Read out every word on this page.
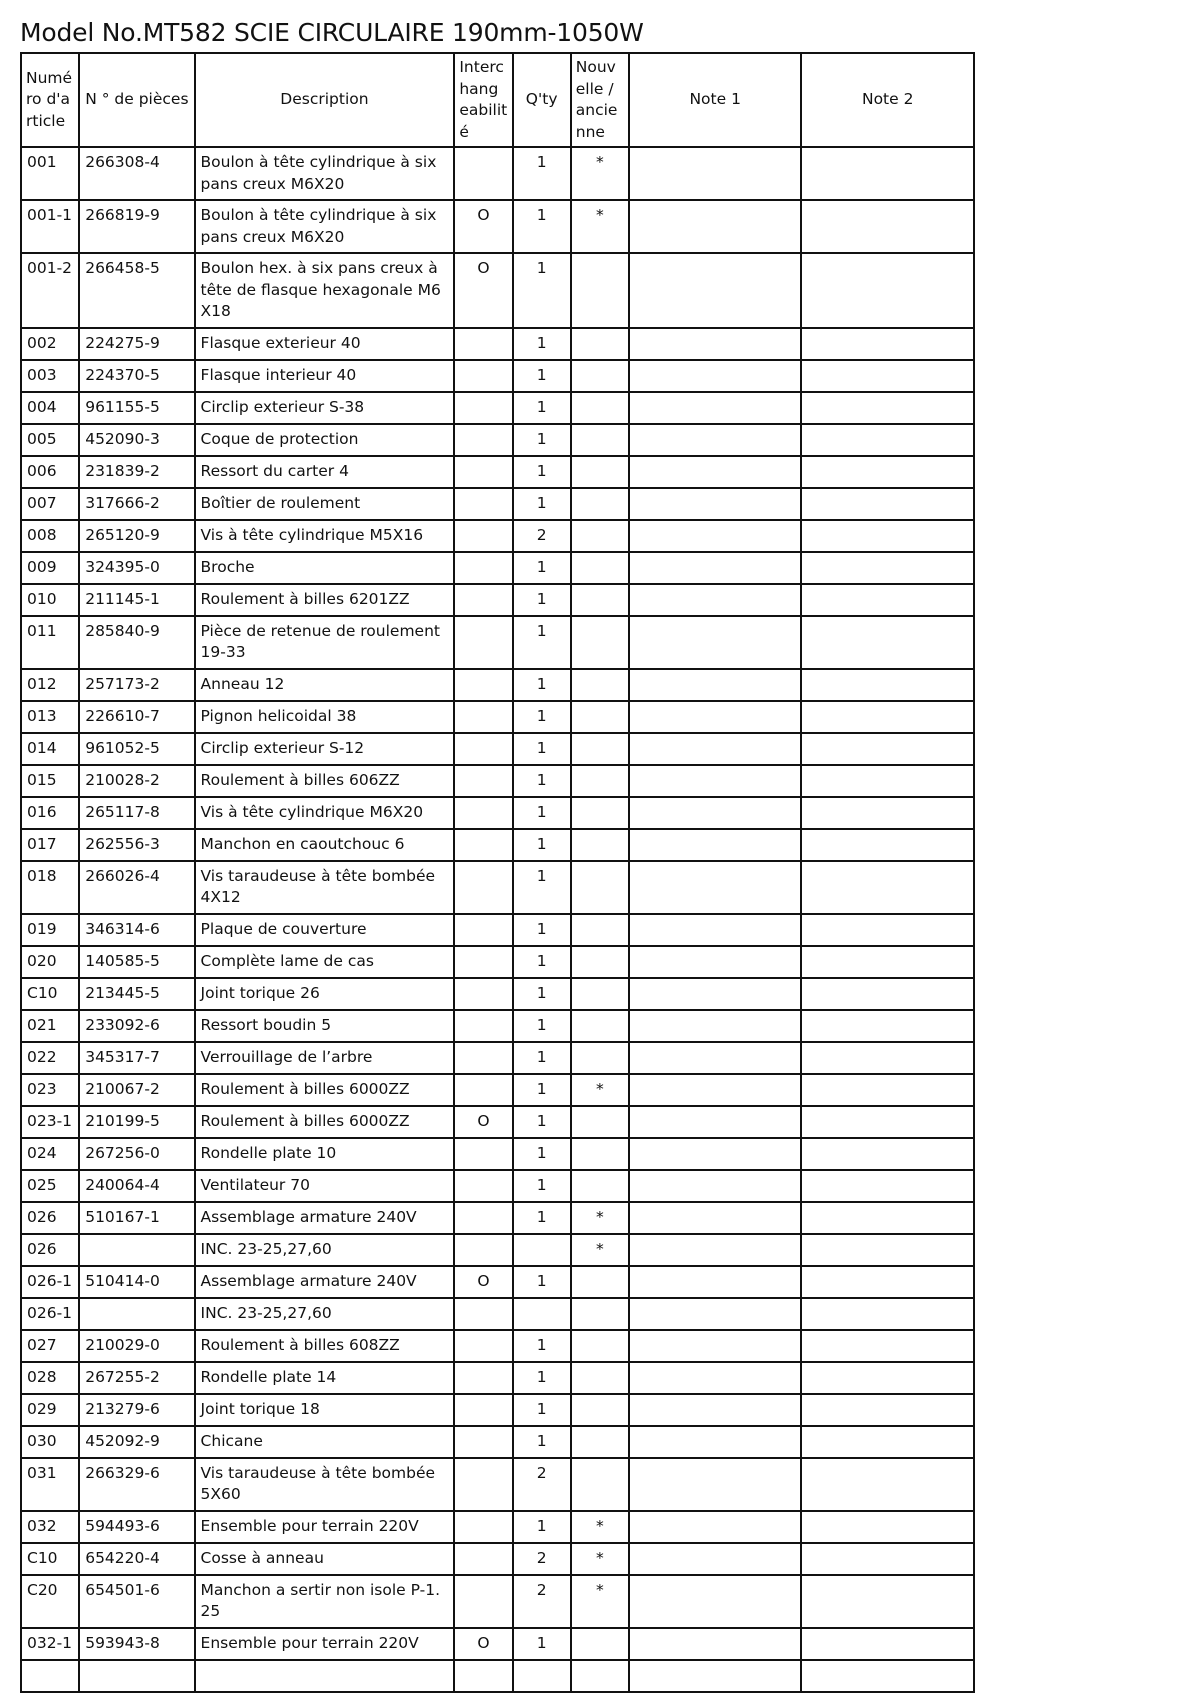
Model No.MT582 SCIE CIRCULAIRE 190mm-1050W
Numéro d'article	N ° de pièces	Description	Interchangeabilité	Q'ty	Nouvelle / ancienne	Note 1	Note 2
001	266308-4	Boulon à tête cylindrique à six pans creux M6X20		1	*		
001-1	266819-9	Boulon à tête cylindrique à six pans creux M6X20	O	1	*		
001-2	266458-5	Boulon hex. à six pans creux à tête de flasque hexagonale M6X18	O	1			
002	224275-9	Flasque exterieur 40		1			
003	224370-5	Flasque interieur 40		1			
004	961155-5	Circlip exterieur S-38		1			
005	452090-3	Coque de protection		1			
006	231839-2	Ressort du carter 4		1			
007	317666-2	Boîtier de roulement		1			
008	265120-9	Vis à tête cylindrique M5X16		2			
009	324395-0	Broche		1			
010	211145-1	Roulement à billes 6201ZZ		1			
011	285840-9	Pièce de retenue de roulement 19-33		1			
012	257173-2	Anneau 12		1			
013	226610-7	Pignon helicoidal 38		1			
014	961052-5	Circlip exterieur S-12		1			
015	210028-2	Roulement à billes 606ZZ		1			
016	265117-8	Vis à tête cylindrique M6X20		1			
017	262556-3	Manchon en caoutchouc 6		1			
018	266026-4	Vis taraudeuse à tête bombée 4X12		1			
019	346314-6	Plaque de couverture		1			
020	140585-5	Complète lame de cas		1			
C10	213445-5	Joint torique 26		1			
021	233092-6	Ressort boudin 5		1			
022	345317-7	Verrouillage de l’arbre		1			
023	210067-2	Roulement à billes 6000ZZ		1	*		
023-1	210199-5	Roulement à billes 6000ZZ	O	1			
024	267256-0	Rondelle plate 10		1			
025	240064-4	Ventilateur 70		1			
026	510167-1	Assemblage armature 240V		1	*		
026		INC. 23-25,27,60			*		
026-1	510414-0	Assemblage armature 240V	O	1			
026-1		INC. 23-25,27,60					
027	210029-0	Roulement à billes 608ZZ		1			
028	267255-2	Rondelle plate 14		1			
029	213279-6	Joint torique 18		1			
030	452092-9	Chicane		1			
031	266329-6	Vis taraudeuse à tête bombée 5X60		2			
032	594493-6	Ensemble pour terrain 220V		1	*		
C10	654220-4	Cosse à anneau		2	*		
C20	654501-6	Manchon a sertir non isole P-1.25		2	*		
032-1	593943-8	Ensemble pour terrain 220V	O	1			
